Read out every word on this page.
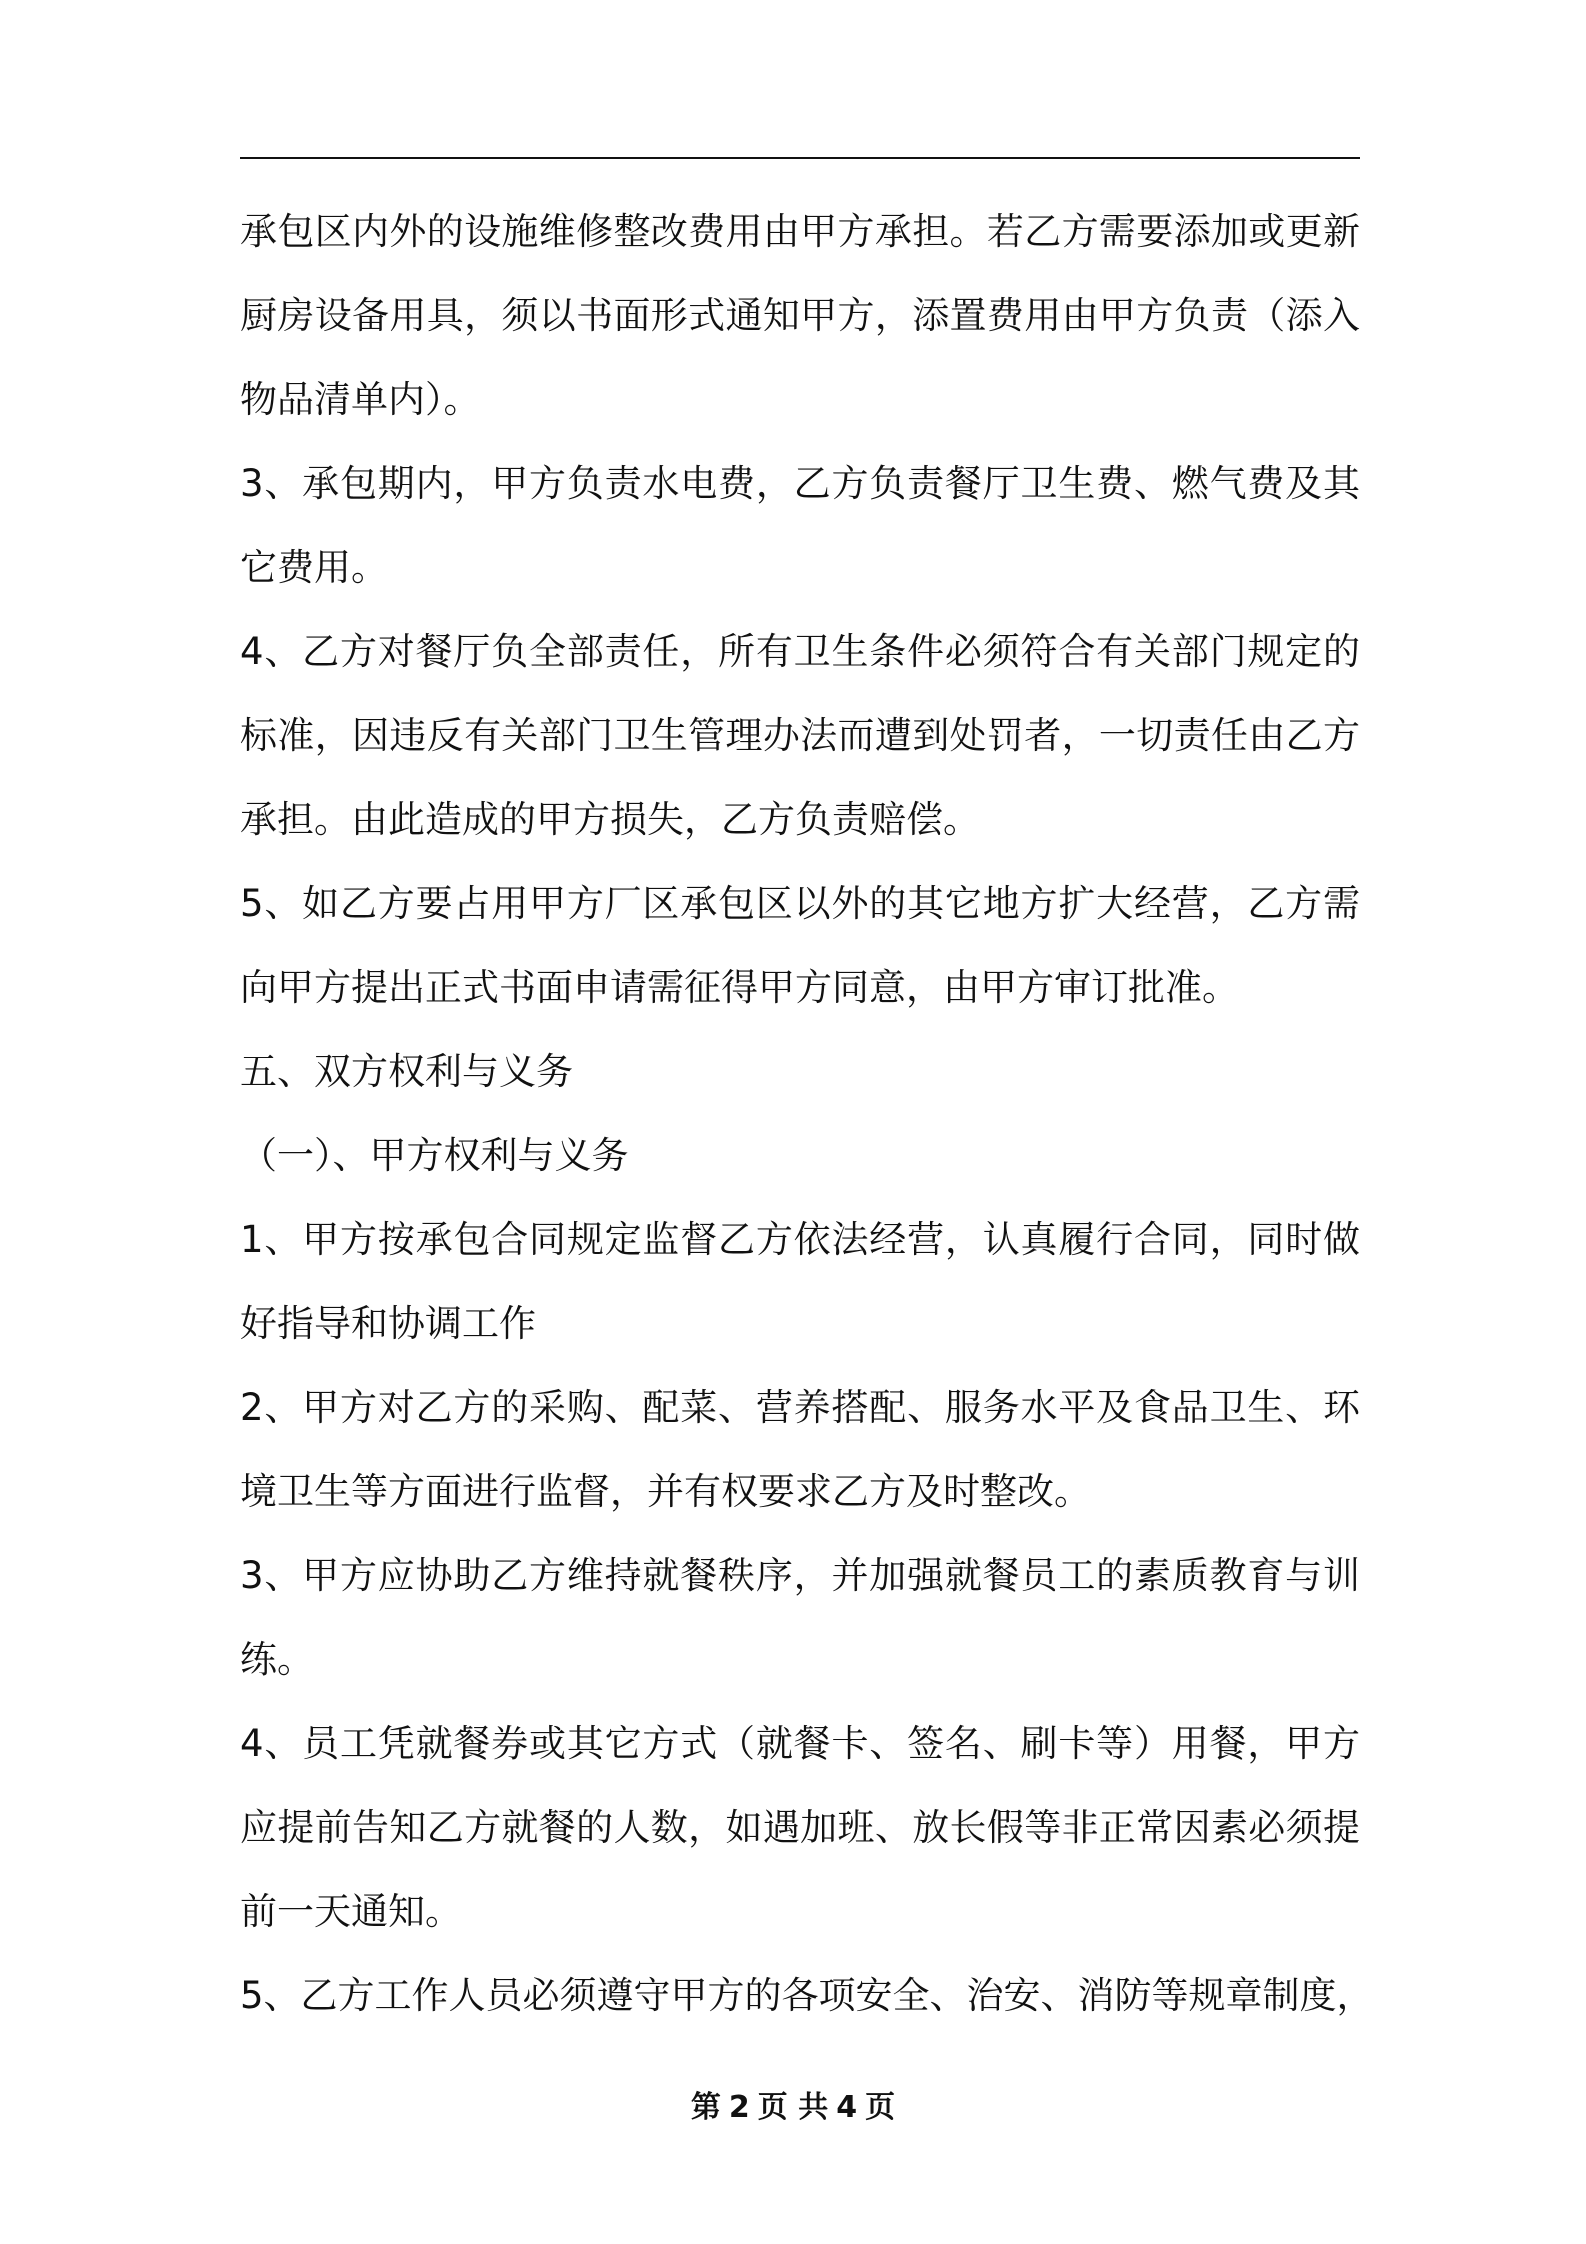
承包区内外的设施维修整改费用由甲方承担。若乙方需要添加或更新
厨房设备用具，须以书面形式通知甲方，添置费用由甲方负责（添入
物品清单内）。
3、承包期内，甲方负责水电费，乙方负责餐厅卫生费、燃气费及其
它费用。
4、乙方对餐厅负全部责任，所有卫生条件必须符合有关部门规定的
标准，因违反有关部门卫生管理办法而遭到处罚者，一切责任由乙方
承担。由此造成的甲方损失，乙方负责赔偿。
5、如乙方要占用甲方厂区承包区以外的其它地方扩大经营，乙方需
向甲方提出正式书面申请需征得甲方同意，由甲方审订批准。
五、双方权利与义务
（一）、甲方权利与义务
1、甲方按承包合同规定监督乙方依法经营，认真履行合同，同时做
好指导和协调工作
2、甲方对乙方的采购、配菜、营养搭配、服务水平及食品卫生、环
境卫生等方面进行监督，并有权要求乙方及时整改。
3、甲方应协助乙方维持就餐秩序，并加强就餐员工的素质教育与训
练。
4、员工凭就餐券或其它方式（就餐卡、签名、刷卡等）用餐，甲方
应提前告知乙方就餐的人数，如遇加班、放长假等非正常因素必须提
前一天通知。
5、乙方工作人员必须遵守甲方的各项安全、治安、消防等规章制度，
第 2 页 共 4 页
